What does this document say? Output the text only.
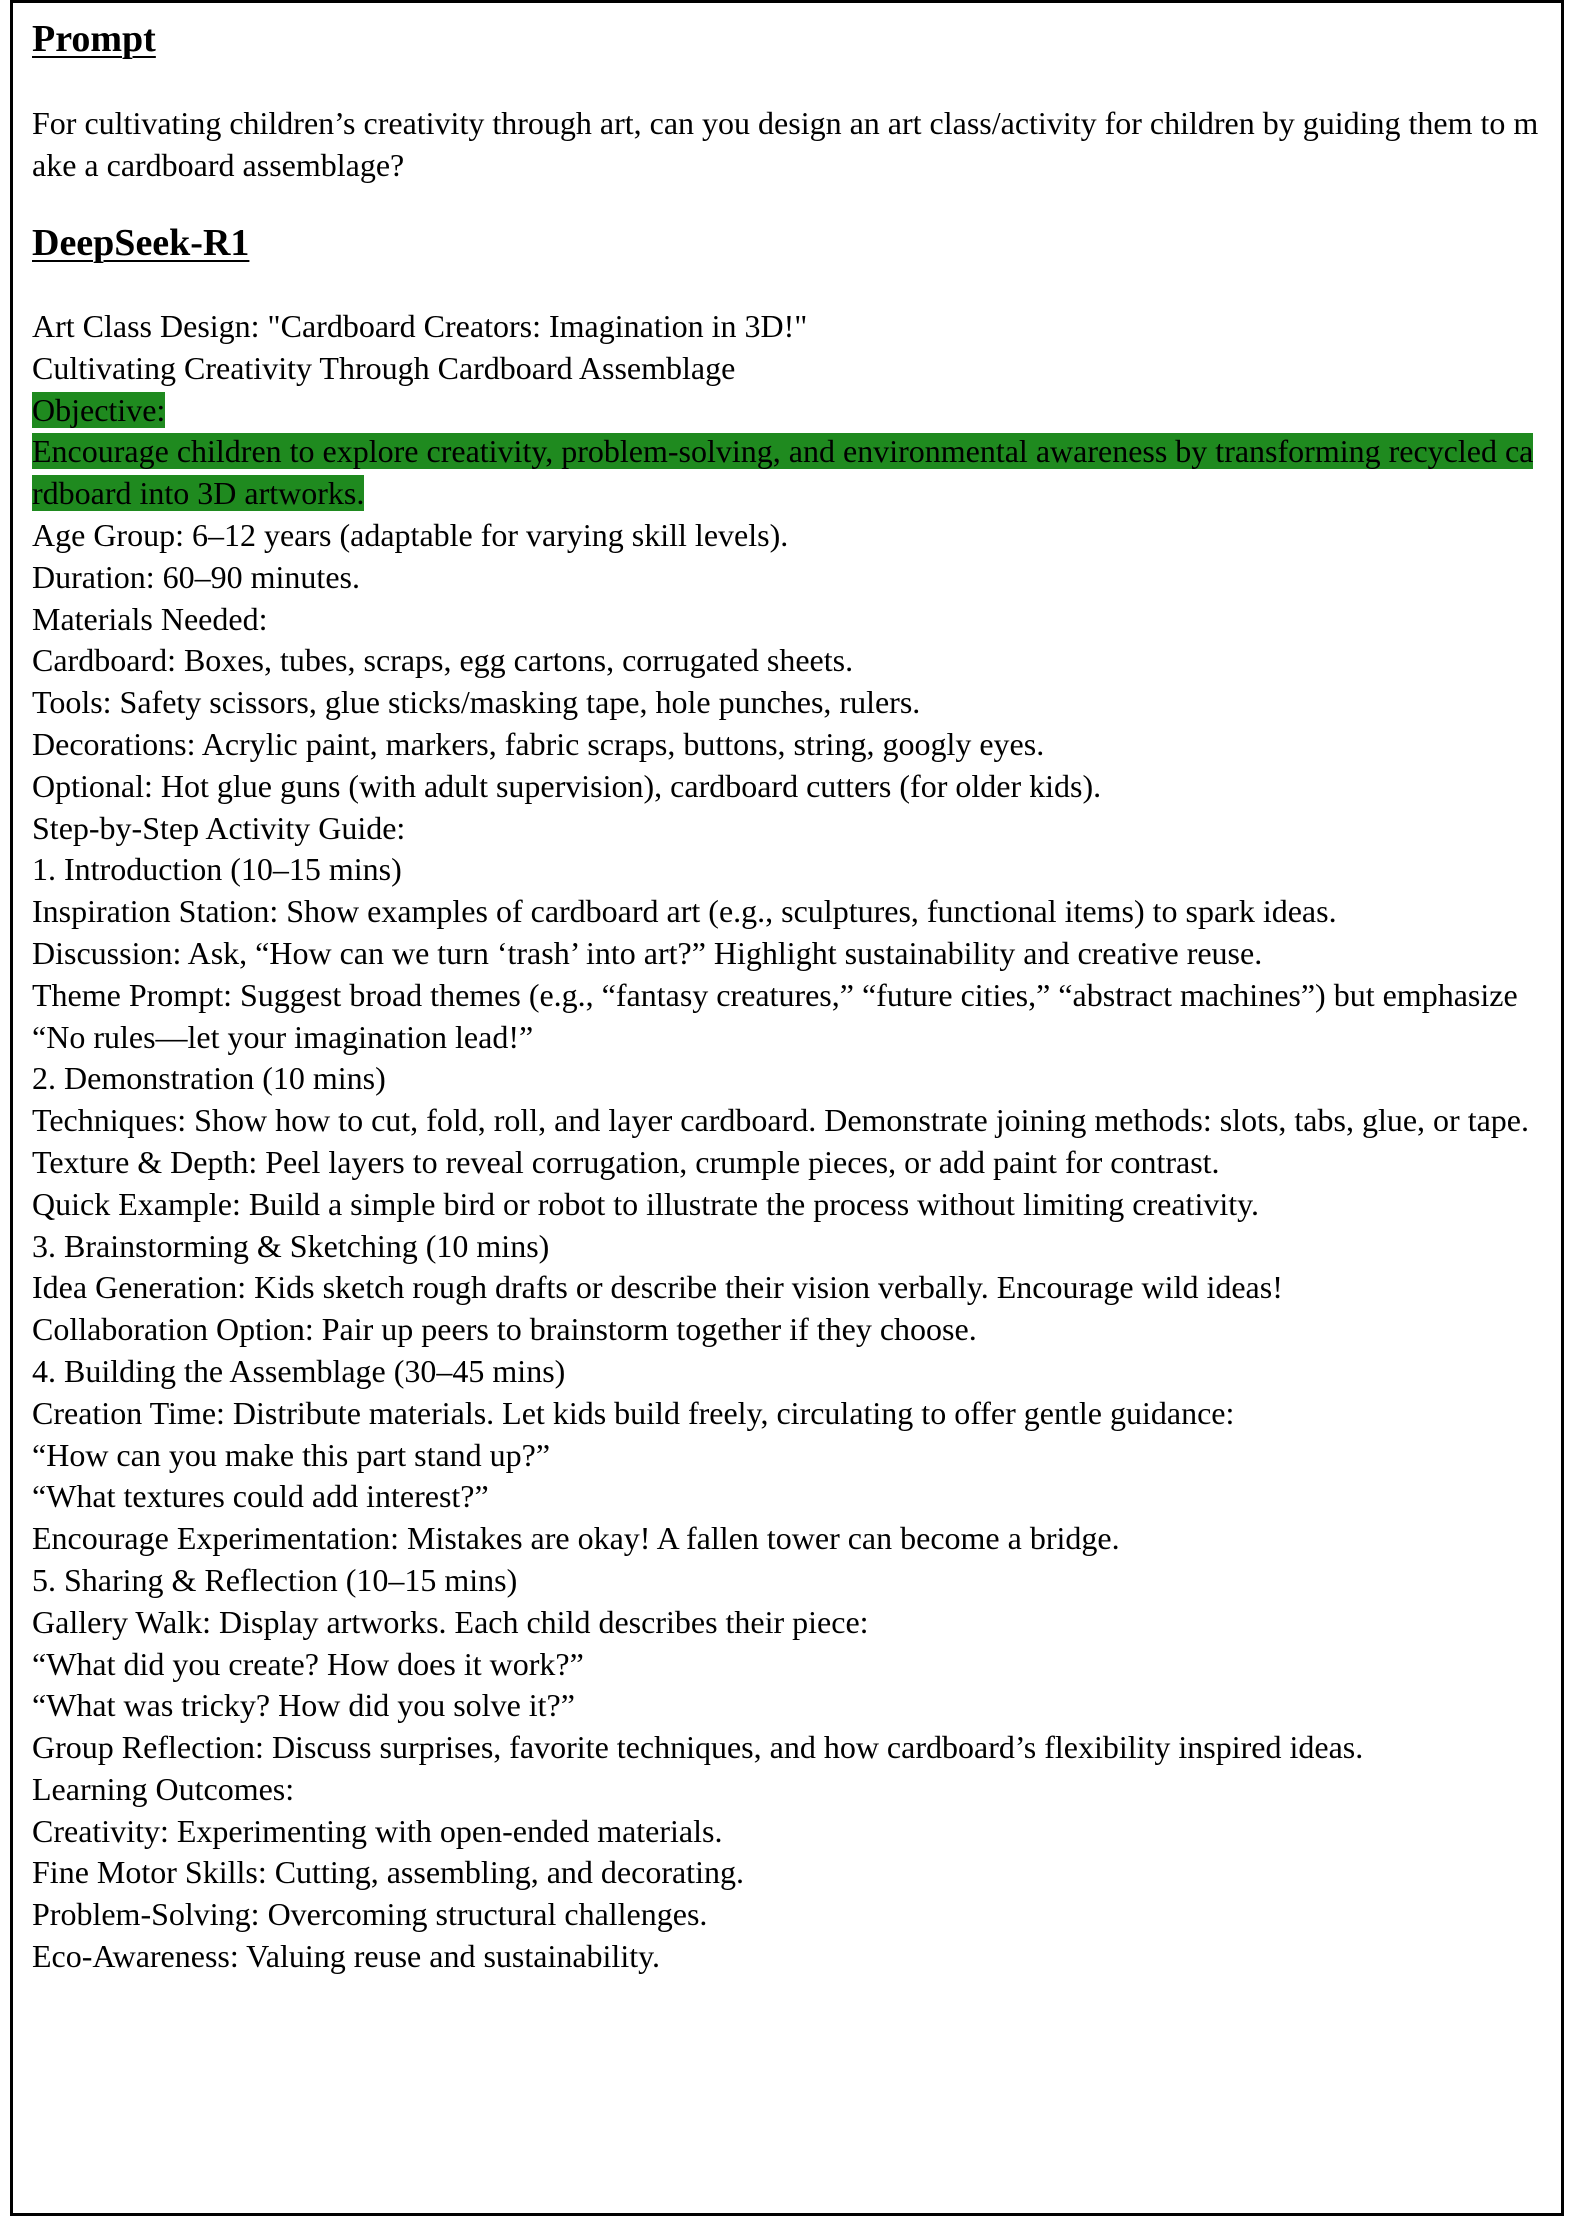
Prompt

For cultivating children’s creativity through art, can you design an art class/activity for children by guiding them to make a cardboard assemblage?

DeepSeek-R1

Art Class Design: "Cardboard Creators: Imagination in 3D!"

Cultivating Creativity Through Cardboard Assemblage

Objective:

Encourage children to explore creativity, problem-solving, and environmental awareness by transforming recycled cardboard into 3D artworks.

Age Group: 6–12 years (adaptable for varying skill levels).

Duration: 60–90 minutes.

Materials Needed:

Cardboard: Boxes, tubes, scraps, egg cartons, corrugated sheets.

Tools: Safety scissors, glue sticks/masking tape, hole punches, rulers.

Decorations: Acrylic paint, markers, fabric scraps, buttons, string, googly eyes.

Optional: Hot glue guns (with adult supervision), cardboard cutters (for older kids).

Step-by-Step Activity Guide:

1. Introduction (10–15 mins)

Inspiration Station: Show examples of cardboard art (e.g., sculptures, functional items) to spark ideas.

Discussion: Ask, “How can we turn ‘trash’ into art?” Highlight sustainability and creative reuse.

Theme Prompt: Suggest broad themes (e.g., “fantasy creatures,” “future cities,” “abstract machines”) but emphasize “No rules—let your imagination lead!”

2. Demonstration (10 mins)

Techniques: Show how to cut, fold, roll, and layer cardboard. Demonstrate joining methods: slots, tabs, glue, or tape.

Texture & Depth: Peel layers to reveal corrugation, crumple pieces, or add paint for contrast.

Quick Example: Build a simple bird or robot to illustrate the process without limiting creativity.

3. Brainstorming & Sketching (10 mins)

Idea Generation: Kids sketch rough drafts or describe their vision verbally. Encourage wild ideas!

Collaboration Option: Pair up peers to brainstorm together if they choose.

4. Building the Assemblage (30–45 mins)

Creation Time: Distribute materials. Let kids build freely, circulating to offer gentle guidance:

“How can you make this part stand up?”

“What textures could add interest?”

Encourage Experimentation: Mistakes are okay! A fallen tower can become a bridge.

5. Sharing & Reflection (10–15 mins)

Gallery Walk: Display artworks. Each child describes their piece:

“What did you create? How does it work?”

“What was tricky? How did you solve it?”

Group Reflection: Discuss surprises, favorite techniques, and how cardboard’s flexibility inspired ideas.

Learning Outcomes:

Creativity: Experimenting with open-ended materials.

Fine Motor Skills: Cutting, assembling, and decorating.

Problem-Solving: Overcoming structural challenges.

Eco-Awareness: Valuing reuse and sustainability.
